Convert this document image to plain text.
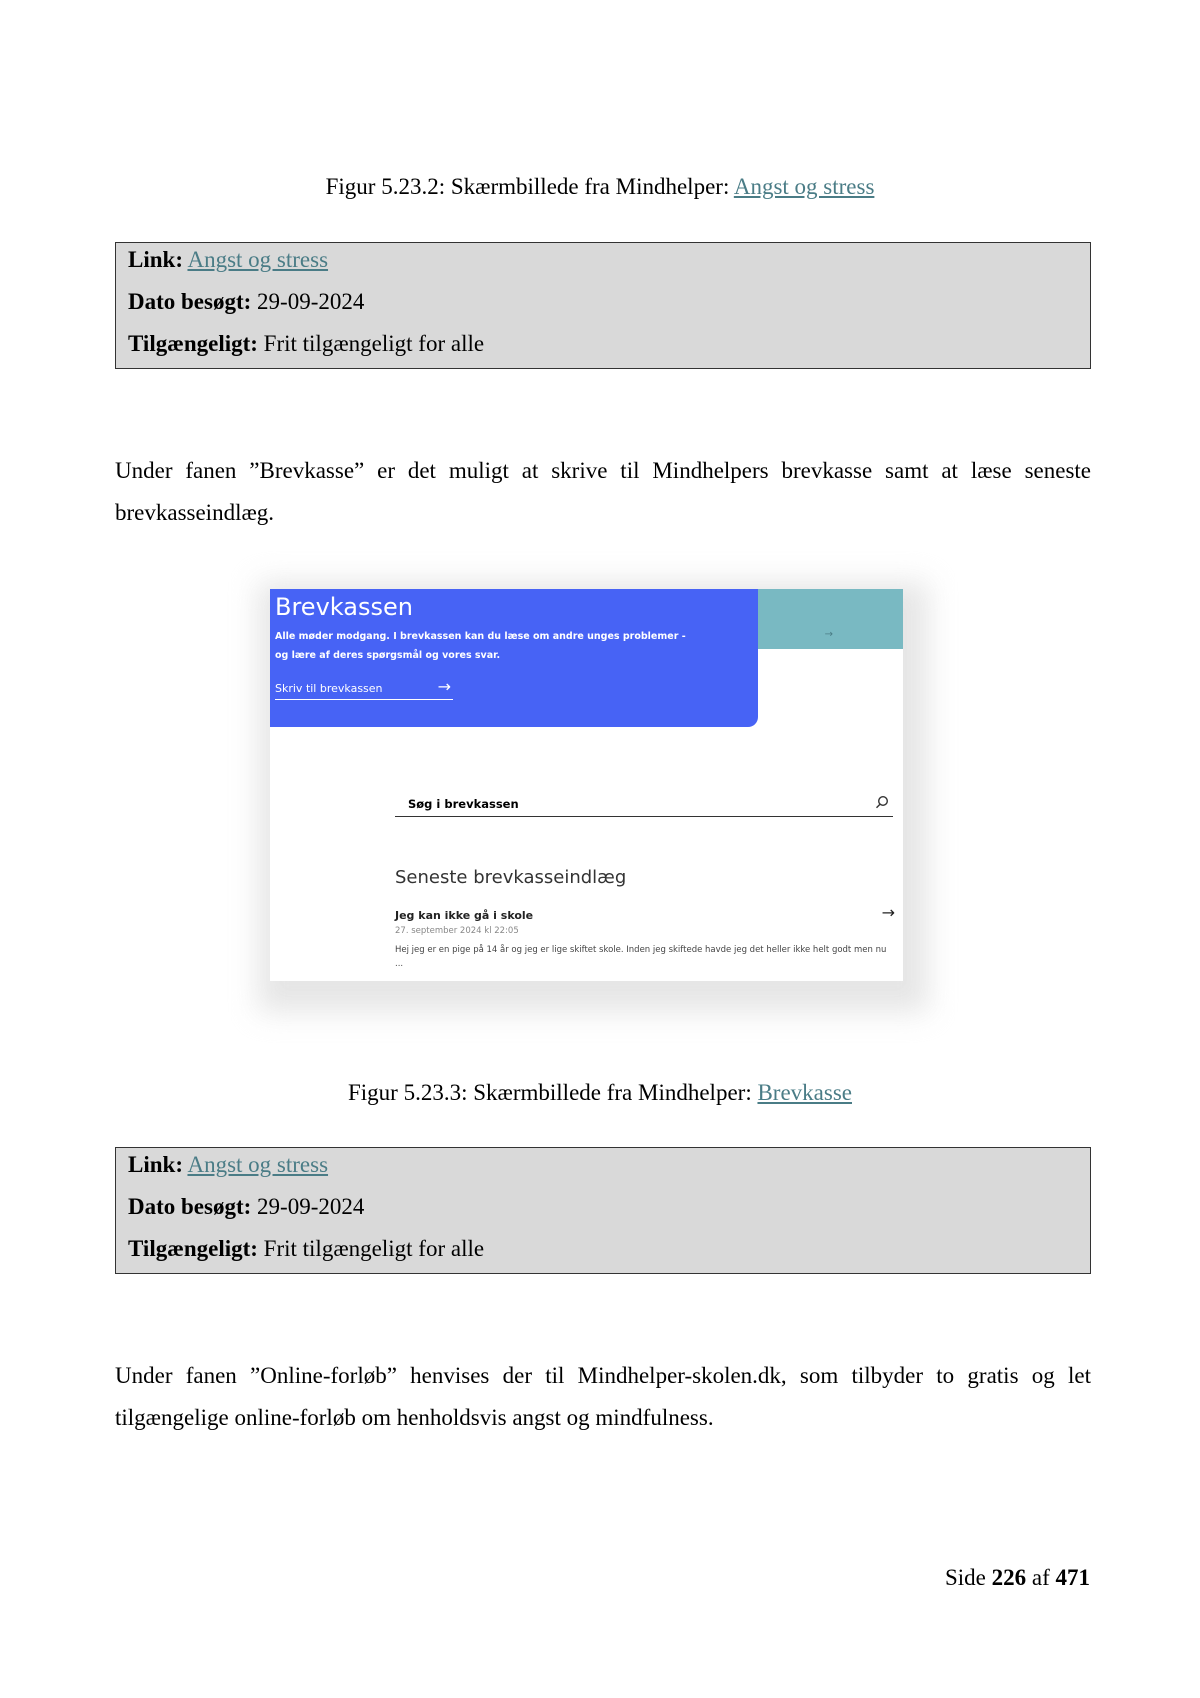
Figur 5.23.2: Skærmbillede fra Mindhelper: Angst og stress
Link: Angst og stress
Dato besøgt: 29-09-2024
Tilgængeligt: Frit tilgængeligt for alle
Under fanen ”Brevkasse” er det muligt at skrive til Mindhelpers brevkasse samt at læse seneste
brevkasseindlæg.
→
Brevkassen
Alle møder modgang. I brevkassen kan du læse om andre unges problemer - og lære af deres spørgsmål og vores svar.
Skriv til brevkassen	→
Søg i brevkassen
Seneste brevkasseindlæg
Jeg kan ikke gå i skole
27. september 2024 kl 22:05
Hej jeg er en pige på 14 år og jeg er lige skiftet skole. Inden jeg skiftede havde jeg det heller ikke helt godt men nu ...
→
Figur 5.23.3: Skærmbillede fra Mindhelper: Brevkasse
Link: Angst og stress
Dato besøgt: 29-09-2024
Tilgængeligt: Frit tilgængeligt for alle
Under fanen ”Online-forløb” henvises der til Mindhelper-skolen.dk, som tilbyder to gratis og let
tilgængelige online-forløb om henholdsvis angst og mindfulness.
Side 226 af 471
